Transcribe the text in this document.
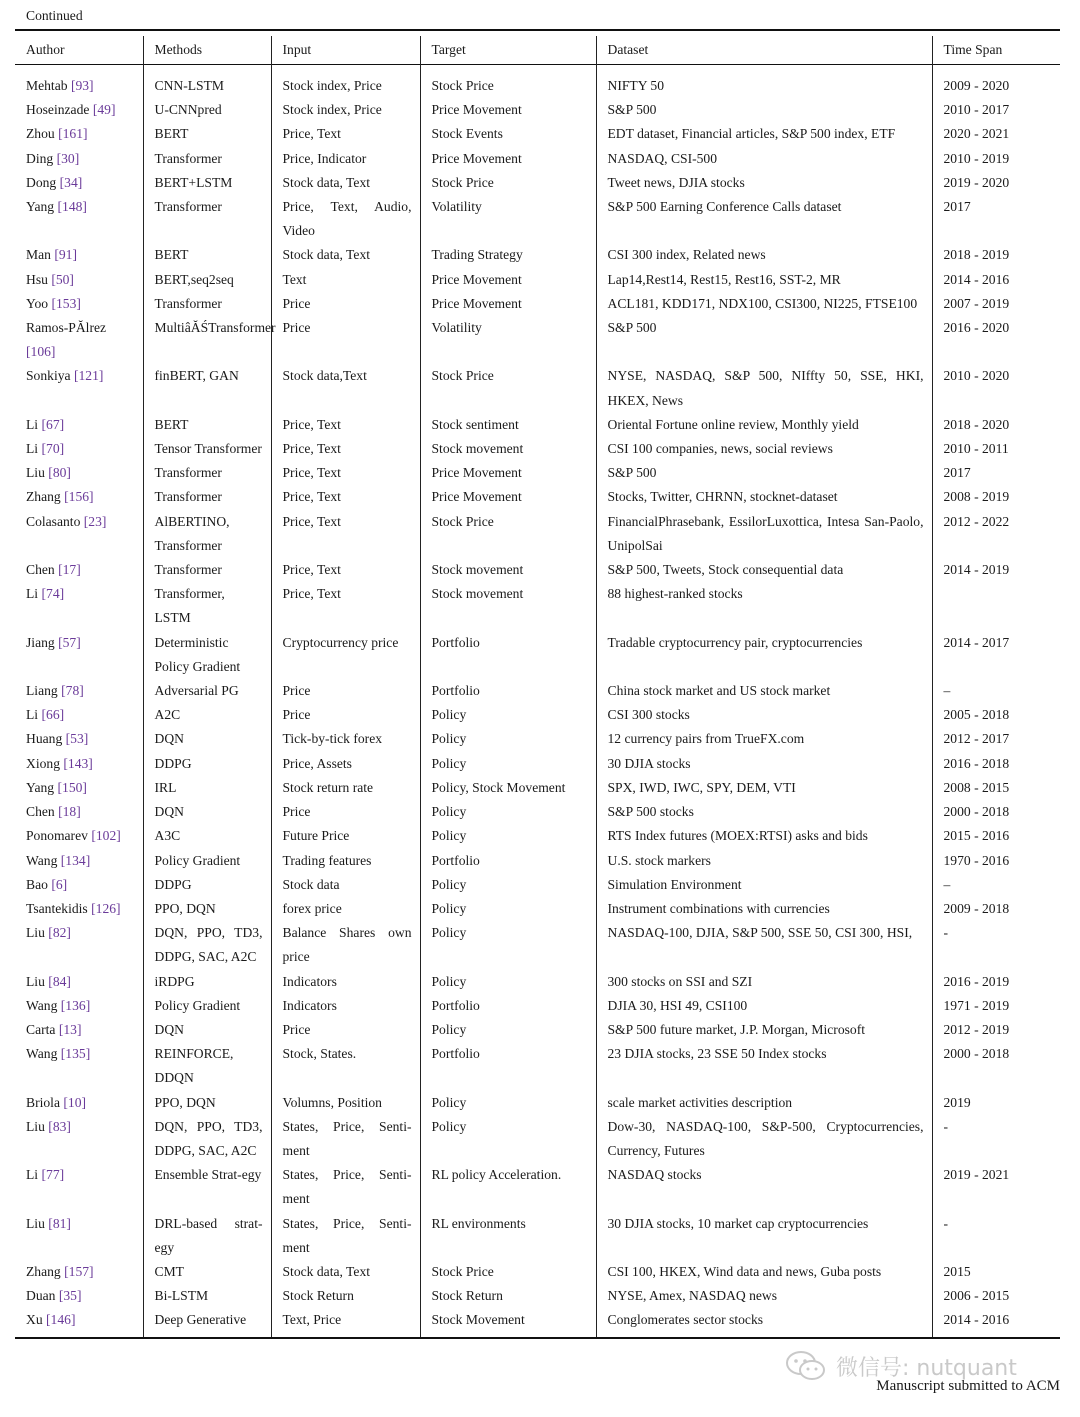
Continued
Author	Methods	Input	Target	Dataset	Time Span
Mehtab [93]	CNN-LSTM	Stock index, Price	Stock Price	NIFTY 50	2009 - 2020
Hoseinzade [49]	U-CNNpred	Stock index, Price	Price Movement	S&P 500	2010 - 2017
Zhou [161]	BERT	Price, Text	Stock Events	EDT dataset, Financial articles, S&P 500 index, ETF	2020 - 2021
Ding [30]	Transformer	Price, Indicator	Price Movement	NASDAQ, CSI-500	2010 - 2019
Dong [34]	BERT+LSTM	Stock data, Text	Stock Price	Tweet news, DJIA stocks	2019 - 2020
Yang [148]	Transformer	Price, Text, Audio, Video	Volatility	S&P 500 Earning Conference Calls dataset	2017
Man [91]	BERT	Stock data, Text	Trading Strategy	CSI 300 index, Related news	2018 - 2019
Hsu [50]	BERT,seq2seq	Text	Price Movement	Lap14,Rest14, Rest15, Rest16, SST-2, MR	2014 - 2016
Yoo [153]	Transformer	Price	Price Movement	ACL181, KDD171, NDX100, CSI300, NI225, FTSE100	2007 - 2019
Ramos-PĂlrez [106]	MultiâĂŚTransformer	Price	Volatility	S&P 500	2016 - 2020
Sonkiya [121]	finBERT, GAN	Stock data,Text	Stock Price	NYSE, NASDAQ, S&P 500, NIffty 50, SSE, HKI, HKEX, News	2010 - 2020
Li [67]	BERT	Price, Text	Stock sentiment	Oriental Fortune online review, Monthly yield	2018 - 2020
Li [70]	Tensor Transformer	Price, Text	Stock movement	CSI 100 companies, news, social reviews	2010 - 2011
Liu [80]	Transformer	Price, Text	Price Movement	S&P 500	2017
Zhang [156]	Transformer	Price, Text	Price Movement	Stocks, Twitter, CHRNN, stocknet-dataset	2008 - 2019
Colasanto [23]	AlBERTINO, Transformer	Price, Text	Stock Price	FinancialPhrasebank, EssilorLuxottica, Intesa San-Paolo, UnipolSai	2012 - 2022
Chen [17]	Transformer	Price, Text	Stock movement	S&P 500, Tweets, Stock consequential data	2014 - 2019
Li [74]	Transformer, LSTM	Price, Text	Stock movement	88 highest-ranked stocks	
Jiang [57]	Deterministic Policy Gradient	Cryptocurrency price	Portfolio	Tradable cryptocurrency pair, cryptocurrencies	2014 - 2017
Liang [78]	Adversarial PG	Price	Portfolio	China stock market and US stock market	–
Li [66]	A2C	Price	Policy	CSI 300 stocks	2005 - 2018
Huang [53]	DQN	Tick-by-tick forex	Policy	12 currency pairs from TrueFX.com	2012 - 2017
Xiong [143]	DDPG	Price, Assets	Policy	30 DJIA stocks	2016 - 2018
Yang [150]	IRL	Stock return rate	Policy, Stock Movement	SPX, IWD, IWC, SPY, DEM, VTI	2008 - 2015
Chen [18]	DQN	Price	Policy	S&P 500 stocks	2000 - 2018
Ponomarev [102]	A3C	Future Price	Policy	RTS Index futures (MOEX:RTSI) asks and bids	2015 - 2016
Wang [134]	Policy Gradient	Trading features	Portfolio	U.S. stock markers	1970 - 2016
Bao [6]	DDPG	Stock data	Policy	Simulation Environment	–
Tsantekidis [126]	PPO, DQN	forex price	Policy	Instrument combinations with currencies	2009 - 2018
Liu [82]	DQN, PPO, TD3, DDPG, SAC, A2C	Balance Shares own price	Policy	NASDAQ-100, DJIA, S&P 500, SSE 50, CSI 300, HSI,	-
Liu [84]	iRDPG	Indicators	Policy	300 stocks on SSI and SZI	2016 - 2019
Wang [136]	Policy Gradient	Indicators	Portfolio	DJIA 30, HSI 49, CSI100	1971 - 2019
Carta [13]	DQN	Price	Policy	S&P 500 future market, J.P. Morgan, Microsoft	2012 - 2019
Wang [135]	REINFORCE, DDQN	Stock, States.	Portfolio	23 DJIA stocks, 23 SSE 50 Index stocks	2000 - 2018
Briola [10]	PPO, DQN	Volumns, Position	Policy	scale market activities description	2019
Liu [83]	DQN, PPO, TD3, DDPG, SAC, A2C	States, Price, Senti-ment	Policy	Dow-30, NASDAQ-100, S&P-500, Cryptocurrencies, Currency, Futures	-
Li [77]	Ensemble Strat-egy	States, Price, Senti-ment	RL policy Acceleration.	NASDAQ stocks	2019 - 2021
Liu [81]	DRL-based strat-egy	States, Price, Senti-ment	RL environments	30 DJIA stocks, 10 market cap cryptocurrencies	-
Zhang [157]	CMT	Stock data, Text	Stock Price	CSI 100, HKEX, Wind data and news, Guba posts	2015
Duan [35]	Bi-LSTM	Stock Return	Stock Return	NYSE, Amex, NASDAQ news	2006 - 2015
Xu [146]	Deep Generative	Text, Price	Stock Movement	Conglomerates sector stocks	2014 - 2016
微信号: nutquant
Manuscript submitted to ACM
